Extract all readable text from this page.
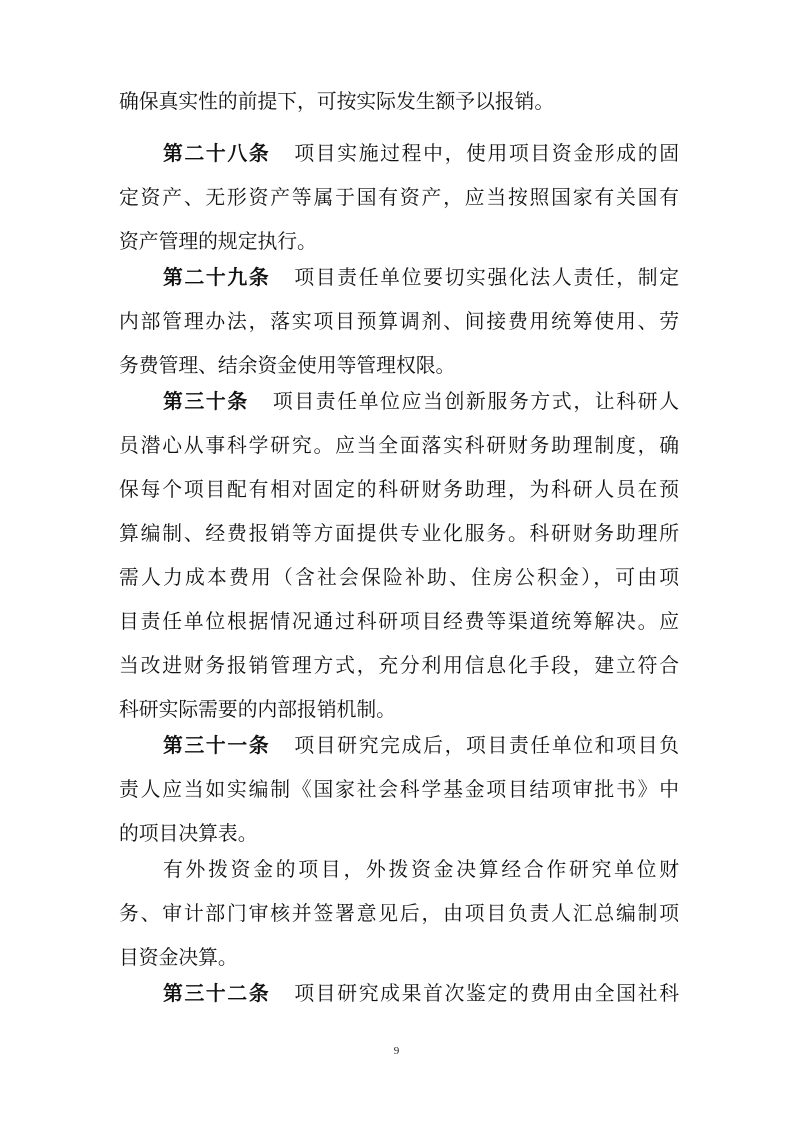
确保真实性的前提下，可按实际发生额予以报销。
第二十八条 项目实施过程中，使用项目资金形成的固
定资产、无形资产等属于国有资产，应当按照国家有关国有
资产管理的规定执行。
第二十九条 项目责任单位要切实强化法人责任，制定
内部管理办法，落实项目预算调剂、间接费用统筹使用、劳
务费管理、结余资金使用等管理权限。
第三十条 项目责任单位应当创新服务方式，让科研人
员潜心从事科学研究。应当全面落实科研财务助理制度，确
保每个项目配有相对固定的科研财务助理，为科研人员在预
算编制、经费报销等方面提供专业化服务。科研财务助理所
需人力成本费用（含社会保险补助、住房公积金），可由项
目责任单位根据情况通过科研项目经费等渠道统筹解决。应
当改进财务报销管理方式，充分利用信息化手段，建立符合
科研实际需要的内部报销机制。
第三十一条 项目研究完成后，项目责任单位和项目负
责人应当如实编制《国家社会科学基金项目结项审批书》中
的项目决算表。
有外拨资金的项目，外拨资金决算经合作研究单位财
务、审计部门审核并签署意见后，由项目负责人汇总编制项
目资金决算。
第三十二条 项目研究成果首次鉴定的费用由全国社科
9
